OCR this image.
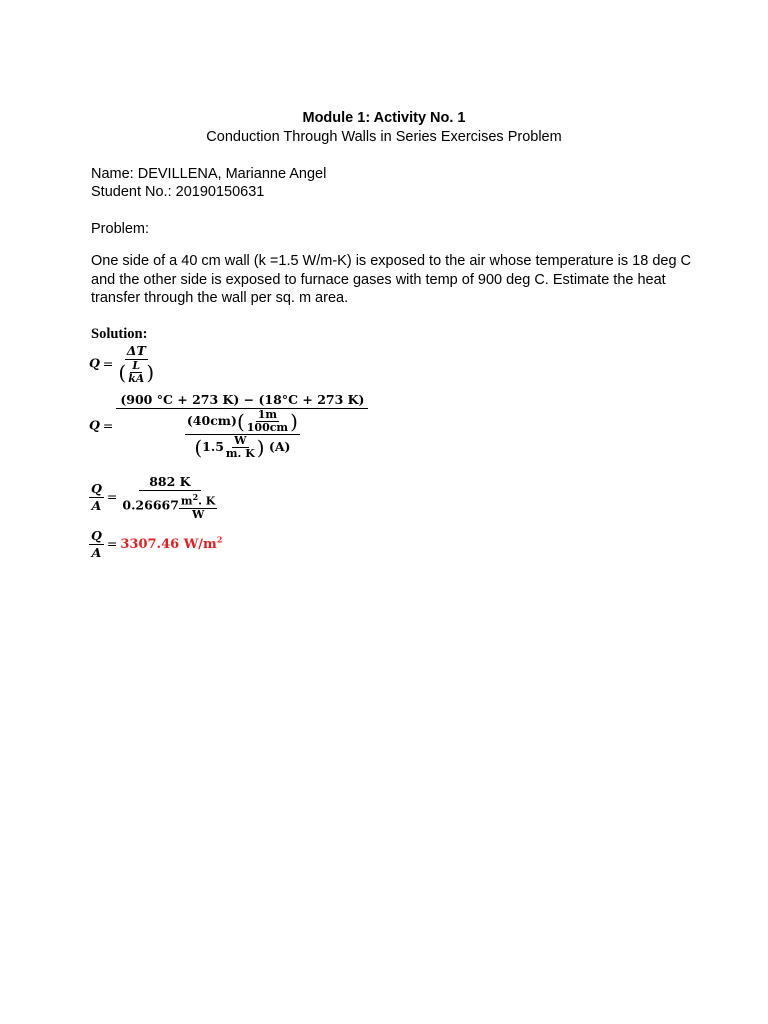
Module 1: Activity No. 1
Conduction Through Walls in Series Exercises Problem
Name: DEVILLENA, Marianne Angel
Student No.: 20190150631
Problem:
One side of a 40 cm wall (k =1.5 W/m-K) is exposed to the air whose temperature is 18 deg C and the other side is exposed to furnace gases with temp of 900 deg C. Estimate the heat transfer through the wall per sq. m area.
Solution:
$Q = \frac{\Delta T}{( \frac{L}{kA} )}$
Q =
(900 °C + 273 K) − (18°C + 273 K)
$\frac{(40cm)( \frac{1m}{100cm} )}{(1.5 \frac{W}{m. K} ) (A)}$
$\frac{Q}{A} = \frac{882 K}{0.26667 \frac{m^2. K}{W}}$
$\frac{Q}{A} = 3307.46$ $W/m^2$
